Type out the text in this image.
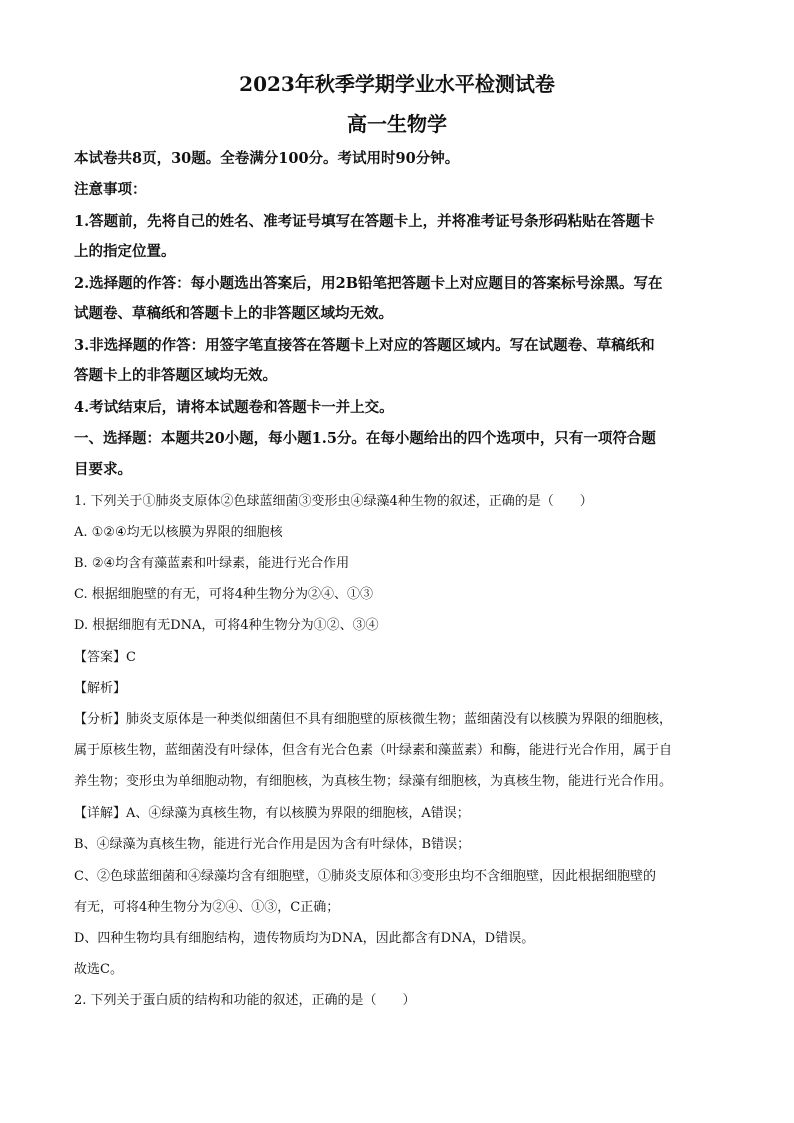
2023年秋季学期学业水平检测试卷
高一生物学
本试卷共8页，30题。全卷满分100分。考试用时90分钟。
注意事项：
1.答题前，先将自己的姓名、准考证号填写在答题卡上，并将准考证号条形码粘贴在答题卡
上的指定位置。
2.选择题的作答：每小题选出答案后，用2B铅笔把答题卡上对应题目的答案标号涂黑。写在
试题卷、草稿纸和答题卡上的非答题区域均无效。
3.非选择题的作答：用签字笔直接答在答题卡上对应的答题区域内。写在试题卷、草稿纸和
答题卡上的非答题区域均无效。
4.考试结束后，请将本试题卷和答题卡一并上交。
一、选择题：本题共20小题，每小题1.5分。在每小题给出的四个选项中，只有一项符合题
目要求。
1. 下列关于①肺炎支原体②色球蓝细菌③变形虫④绿藻4种生物的叙述，正确的是（　　）
A. ①②④均无以核膜为界限的细胞核
B. ②④均含有藻蓝素和叶绿素，能进行光合作用
C. 根据细胞壁的有无，可将4种生物分为②④、①③
D. 根据细胞有无DNA，可将4种生物分为①②、③④
【答案】C
【解析】
【分析】肺炎支原体是一种类似细菌但不具有细胞壁的原核微生物；蓝细菌没有以核膜为界限的细胞核，
属于原核生物，蓝细菌没有叶绿体，但含有光合色素（叶绿素和藻蓝素）和酶，能进行光合作用，属于自
养生物；变形虫为单细胞动物，有细胞核，为真核生物；绿藻有细胞核，为真核生物，能进行光合作用。
【详解】A、④绿藻为真核生物，有以核膜为界限的细胞核，A错误；
B、④绿藻为真核生物，能进行光合作用是因为含有叶绿体，B错误；
C、②色球蓝细菌和④绿藻均含有细胞壁，①肺炎支原体和③变形虫均不含细胞壁，因此根据细胞壁的
有无，可将4种生物分为②④、①③，C正确；
D、四种生物均具有细胞结构，遗传物质均为DNA，因此都含有DNA，D错误。
故选C。
2. 下列关于蛋白质的结构和功能的叙述，正确的是（　　）
